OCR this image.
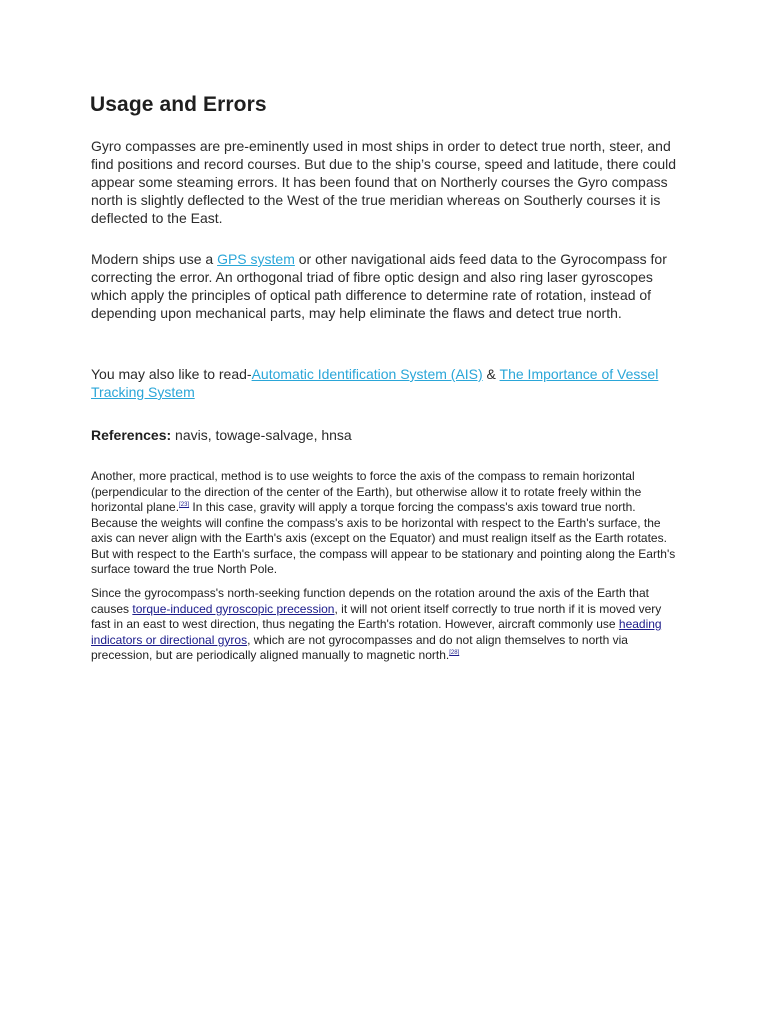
Usage and Errors

Gyro compasses are pre-eminently used in most ships in order to detect true north, steer, and find positions and record courses. But due to the ship’s course, speed and latitude, there could appear some steaming errors. It has been found that on Northerly courses the Gyro compass north is slightly deflected to the West of the true meridian whereas on Southerly courses it is deflected to the East.

Modern ships use a GPS system or other navigational aids feed data to the Gyrocompass for correcting the error. An orthogonal triad of fibre optic design and also ring laser gyroscopes which apply the principles of optical path difference to determine rate of rotation, instead of depending upon mechanical parts, may help eliminate the flaws and detect true north.

You may also like to read-Automatic Identification System (AIS) & The Importance of Vessel Tracking System

References: navis, towage-salvage, hnsa

Another, more practical, method is to use weights to force the axis of the compass to remain horizontal (perpendicular to the direction of the center of the Earth), but otherwise allow it to rotate freely within the horizontal plane.[23] In this case, gravity will apply a torque forcing the compass's axis toward true north. Because the weights will confine the compass's axis to be horizontal with respect to the Earth's surface, the axis can never align with the Earth's axis (except on the Equator) and must realign itself as the Earth rotates. But with respect to the Earth's surface, the compass will appear to be stationary and pointing along the Earth's surface toward the true North Pole.

Since the gyrocompass's north-seeking function depends on the rotation around the axis of the Earth that causes torque-induced gyroscopic precession, it will not orient itself correctly to true north if it is moved very fast in an east to west direction, thus negating the Earth's rotation. However, aircraft commonly use heading indicators or directional gyros, which are not gyrocompasses and do not align themselves to north via precession, but are periodically aligned manually to magnetic north.[28]
